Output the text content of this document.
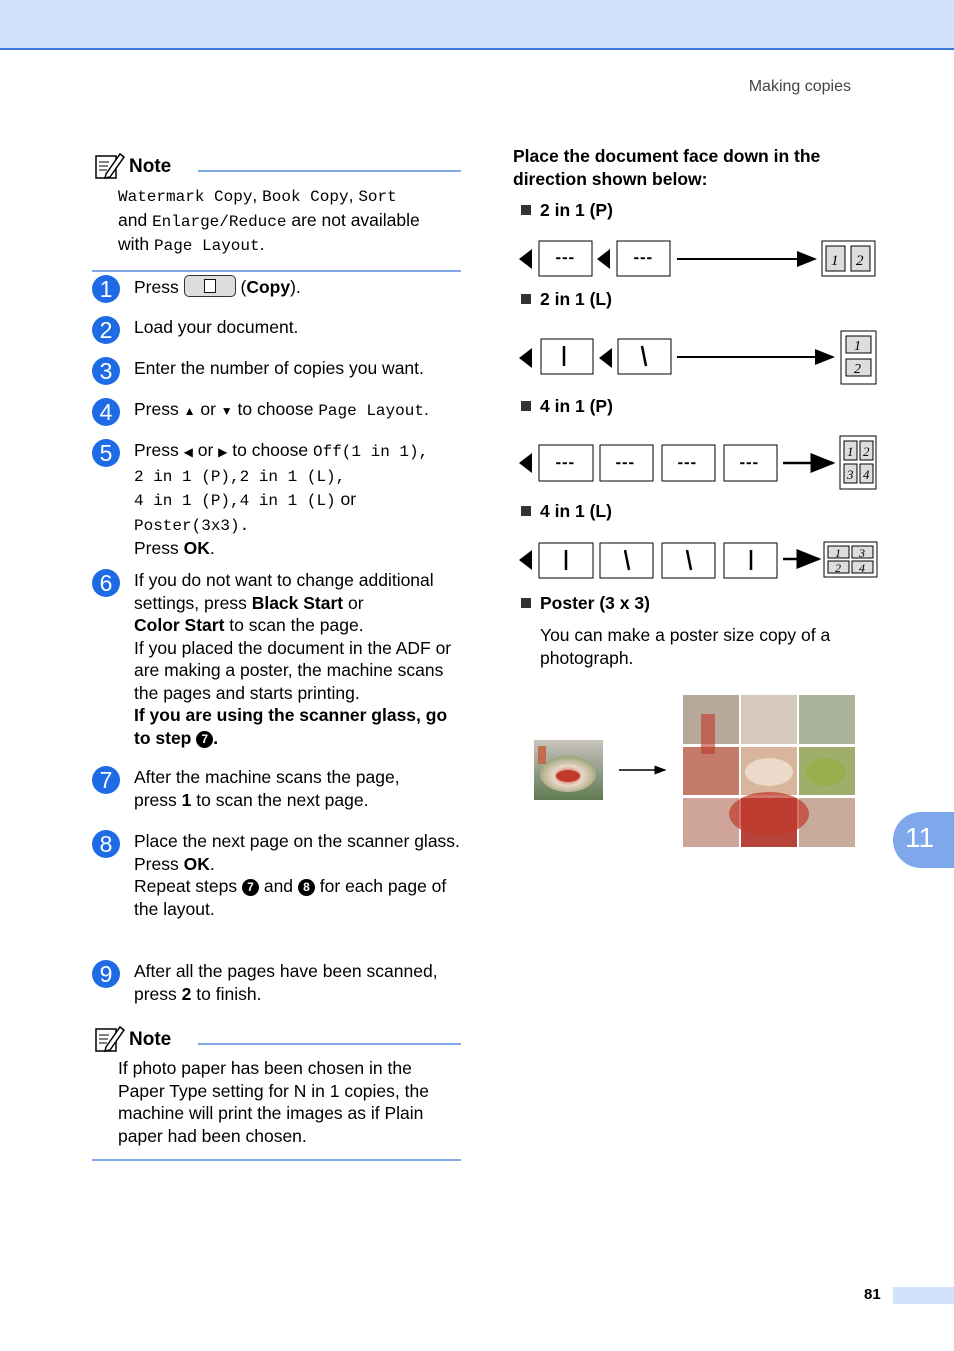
Making copies
Note
Watermark Copy, Book Copy, Sort
and Enlarge/Reduce are not available
with Page Layout.
1	Press	(Copy).
2	Load your document.
3	Enter the number of copies you want.
4	Press ▲ or ▼ to choose Page Layout.
5	Press ◀ or ▶ to choose Off(1 in 1),
2 in 1 (P),2 in 1 (L),
4 in 1 (P),4 in 1 (L) or
Poster(3x3).
Press OK.
6	If you do not want to change additional
settings, press Black Start or
Color Start to scan the page.
If you placed the document in the ADF or are making a poster, the machine scans the pages and starts printing.
If you are using the scanner glass, go to step 7 .
7	After the machine scans the page,
press 1 to scan the next page.
8	Place the next page on the scanner glass.
Press OK.
Repeat steps 7 and 8 for each page of the layout.
9	After all the pages have been scanned,
press 2 to finish.
Note
If photo paper has been chosen in the Paper Type setting for N in 1 copies, the machine will print the images as if Plain paper had been chosen.
Place the document face down in the direction shown below:
2 in 1 (P)
2 in 1 (L)
4 in 1 (P)
4 in 1 (L)
Poster (3 x 3)
You can make a poster size copy of a photograph.
⁃⁃⁃	⁃⁃⁃	1 2
1
2
⁃⁃⁃	⁃⁃⁃	⁃⁃⁃	⁃⁃⁃
1 2
3 4
1 3
2 4
11
81
